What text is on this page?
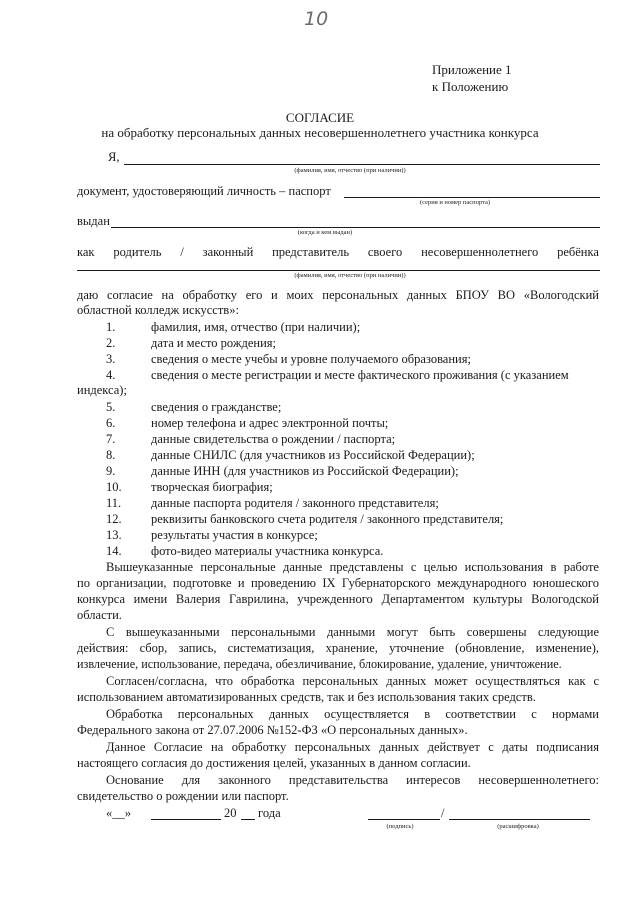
10
Приложение 1
к Положению
СОГЛАСИЕ
на обработку персональных данных несовершеннолетнего участника конкурса
Я,
(фамилия, имя, отчество (при наличии))
документ, удостоверяющий личность – паспорт
(серия и номер паспорта)
выдан
(когда и кем выдан)
как родитель / законный представитель своего несовершеннолетнего ребёнка
(фамилия, имя, отчество (при наличии))
даю согласие на обработку его и моих персональных данных БПОУ ВО «Вологодский
областной колледж искусств»:
1.	фамилия, имя, отчество (при наличии);
2.	дата и место рождения;
3.	сведения о месте учебы и уровне получаемого образования;
4.	сведения о месте регистрации и месте фактического проживания (с указанием
индекса);
5.	сведения о гражданстве;
6.	номер телефона и адрес электронной почты;
7.	данные свидетельства о рождении / паспорта;
8.	данные СНИЛС (для участников из Российской Федерации);
9.	данные ИНН (для участников из Российской Федерации);
10. творческая биография;
11. данные паспорта родителя / законного представителя;
12. реквизиты банковского счета родителя / законного представителя;
13. результаты участия в конкурсе;
14. фото-видео материалы участника конкурса.
Вышеуказанные персональные данные представлены с целью использования в работе
по организации, подготовке и проведению IX Губернаторского международного юношеского
конкурса имени Валерия Гаврилина, учрежденного Департаментом культуры Вологодской
области.
С вышеуказанными персональными данными могут быть совершены следующие
действия: сбор, запись, систематизация, хранение, уточнение (обновление, изменение),
извлечение, использование, передача, обезличивание, блокирование, удаление, уничтожение.
Согласен/согласна, что обработка персональных данных может осуществляться как с
использованием автоматизированных средств, так и без использования таких средств.
Обработка персональных данных осуществляется в соответствии с нормами
Федерального закона от 27.07.2006 №152-ФЗ «О персональных данных».
Данное Согласие на обработку персональных данных действует с даты подписания
настоящего согласия до достижения целей, указанных в данном согласии.
Основание для законного представительства интересов несовершеннолетнего:
свидетельство о рождении или паспорт.
«__»	20 года	/
(подпись)	(расшифровка)
